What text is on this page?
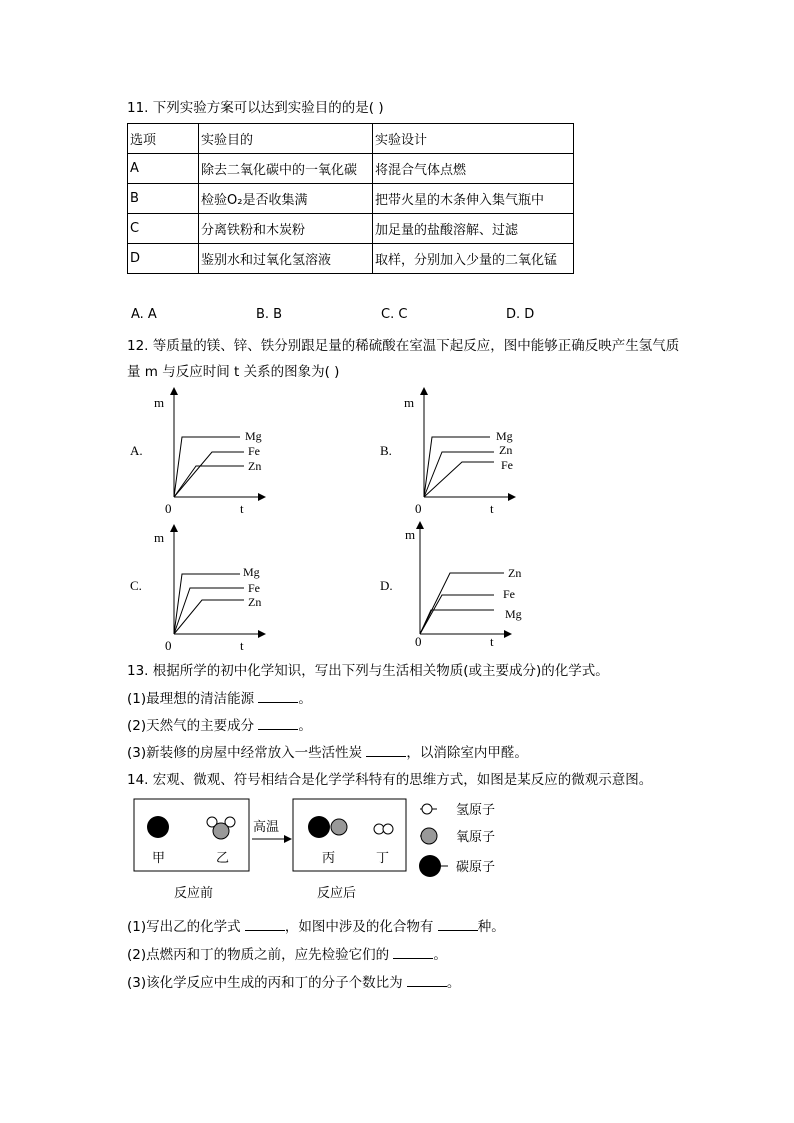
11. 下列实验方案可以达到实验目的的是( )
选项	实验目的	实验设计
A	除去二氧化碳中的一氧化碳	将混合气体点燃
B	检验O₂是否收集满	把带火星的木条伸入集气瓶中
C	分离铁粉和木炭粉	加足量的盐酸溶解、过滤
D	鉴别水和过氧化氢溶液	取样，分别加入少量的二氧化锰
A. A	B. B	C. C	D. D
12. 等质量的镁、锌、铁分别跟足量的稀硫酸在室温下起反应，图中能够正确反映产生氢气质
量 m 与反应时间 t 关系的图象为( )
A.
m
0	t
Mg
Fe
Zn
B.
m
0	t
Mg
Zn
Fe
C.
m
0	t
Mg
Fe
Zn
D.
m
0	t
Zn
Fe
Mg
13. 根据所学的初中化学知识，写出下列与生活相关物质(或主要成分)的化学式。
(1)最理想的清洁能源	。
(2)天然气的主要成分	。
(3)新装修的房屋中经常放入一些活性炭	，以消除室内甲醛。
14. 宏观、微观、符号相结合是化学学科特有的思维方式，如图是某反应的微观示意图。
甲	乙
高温
丙	丁
氢原子
氧原子
碳原子
反应前	反应后
(1)写出乙的化学式	，如图中涉及的化合物有	种。
(2)点燃丙和丁的物质之前，应先检验它们的	。
(3)该化学反应中生成的丙和丁的分子个数比为	。
